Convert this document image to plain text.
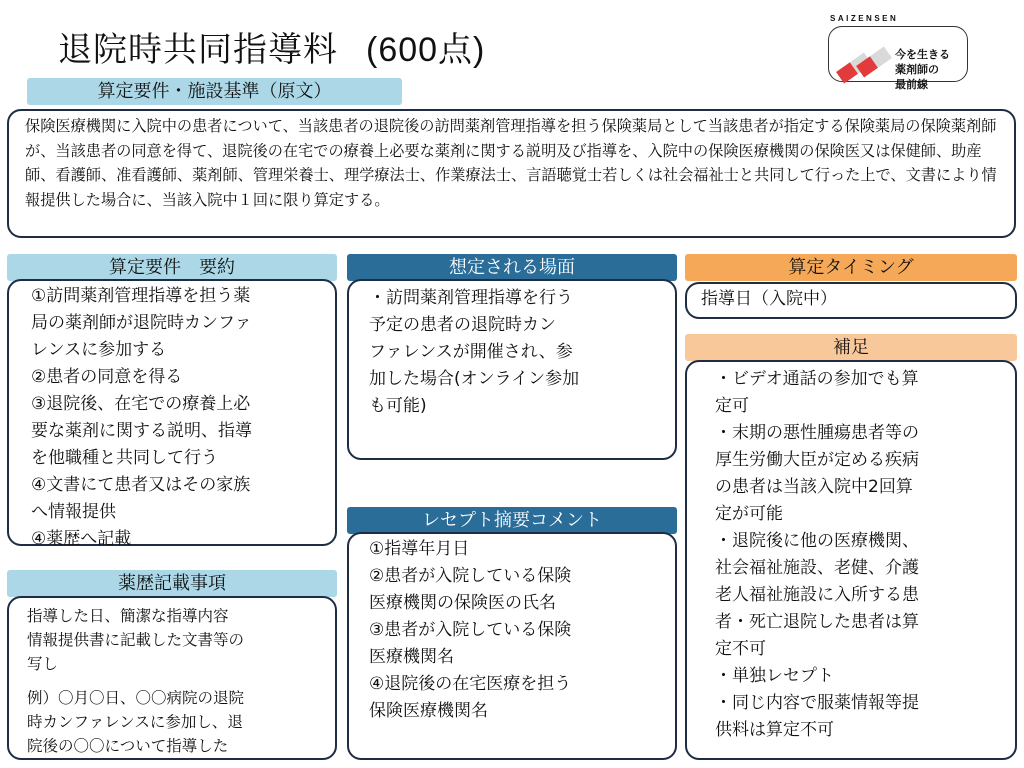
退院時共同指導料 (600点)
SAIZENSEN
今を生きる
薬剤師の
最前線
算定要件・施設基準（原文）
保険医療機関に入院中の患者について、当該患者の退院後の訪問薬剤管理指導を担う保険薬局として当該患者が指定する保険薬局の保険薬剤師が、当該患者の同意を得て、退院後の在宅での療養上必要な薬剤に関する説明及び指導を、入院中の保険医療機関の保険医又は保健師、助産師、看護師、准看護師、薬剤師、管理栄養士、理学療法士、作業療法士、言語聴覚士若しくは社会福祉士と共同して行った上で、文書により情報提供した場合に、当該入院中１回に限り算定する。
算定要件　要約
①訪問薬剤管理指導を担う薬
局の薬剤師が退院時カンファ
レンスに参加する
②患者の同意を得る
③退院後、在宅での療養上必
要な薬剤に関する説明、指導
を他職種と共同して行う
④文書にて患者又はその家族
へ情報提供
④薬歴へ記載
想定される場面
・訪問薬剤管理指導を行う
予定の患者の退院時カン
ファレンスが開催され、参
加した場合(オンライン参加
も可能)
算定タイミング
指導日（入院中）
補足
・ビデオ通話の参加でも算
定可
・末期の悪性腫瘍患者等の
厚生労働大臣が定める疾病
の患者は当該入院中2回算
定が可能
・退院後に他の医療機関、
社会福祉施設、老健、介護
老人福祉施設に入所する患
者・死亡退院した患者は算
定不可
・単独レセプト
・同じ内容で服薬情報等提
供料は算定不可
レセプト摘要コメント
①指導年月日
②患者が入院している保険
医療機関の保険医の氏名
③患者が入院している保険
医療機関名
④退院後の在宅医療を担う
保険医療機関名
薬歴記載事項
指導した日、簡潔な指導内容
情報提供書に記載した文書等の
写し
例）〇月〇日、〇〇病院の退院
時カンファレンスに参加し、退
院後の〇〇について指導した
